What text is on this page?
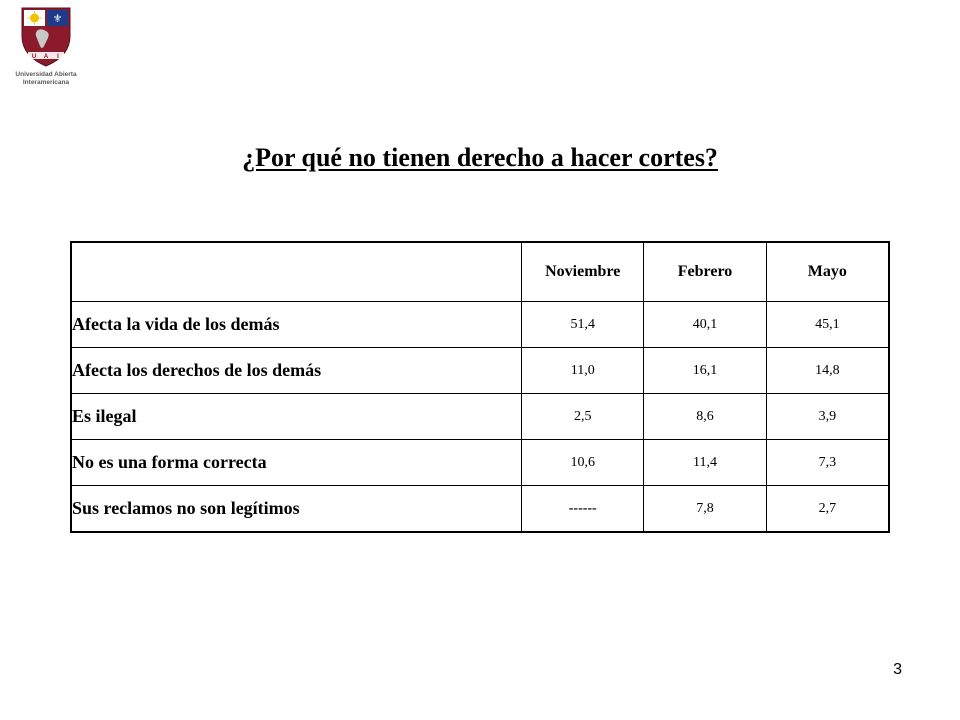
⚜
U A I
Universidad Abierta
Interamericana
¿Por qué no tienen derecho a hacer cortes?
	Noviembre	Febrero	Mayo
Afecta la vida de los demás	51,4	40,1	45,1
Afecta los derechos de los demás	11,0	16,1	14,8
Es ilegal	2,5	8,6	3,9
No es una forma correcta	10,6	11,4	7,3
Sus reclamos no son legítimos	------	7,8	2,7
3
